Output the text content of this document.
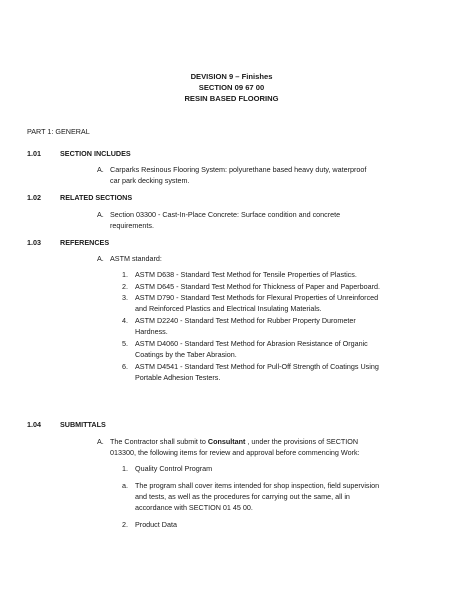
DEVISION 9 – Finishes
SECTION 09 67 00
RESIN BASED FLOORING
PART 1: GENERAL
1.01	SECTION INCLUDES
A. Carparks Resinous Flooring System: polyurethane based heavy duty, waterproof
car park decking system.
1.02	RELATED SECTIONS
A. Section 03300 - Cast-In-Place Concrete: Surface condition and concrete
requirements.
1.03	REFERENCES
A. ASTM standard:
1. ASTM D638 - Standard Test Method for Tensile Properties of Plastics.
2. ASTM D645 - Standard Test Method for Thickness of Paper and Paperboard.
3. ASTM D790 - Standard Test Methods for Flexural Properties of Unreinforced
and Reinforced Plastics and Electrical Insulating Materials.
4. ASTM D2240 - Standard Test Method for Rubber Property Durometer
Hardness.
5. ASTM D4060 - Standard Test Method for Abrasion Resistance of Organic
Coatings by the Taber Abrasion.
6. ASTM D4541 - Standard Test Method for Pull-Off Strength of Coatings Using
Portable Adhesion Testers.
1.04	SUBMITTALS
A. The Contractor shall submit to Consultant , under the provisions of SECTION
013300, the following items for review and approval before commencing Work:
1. Quality Control Program
a. The program shall cover items intended for shop inspection, field supervision
and tests, as well as the procedures for carrying out the same, all in
accordance with SECTION 01 45 00.
2. Product Data
